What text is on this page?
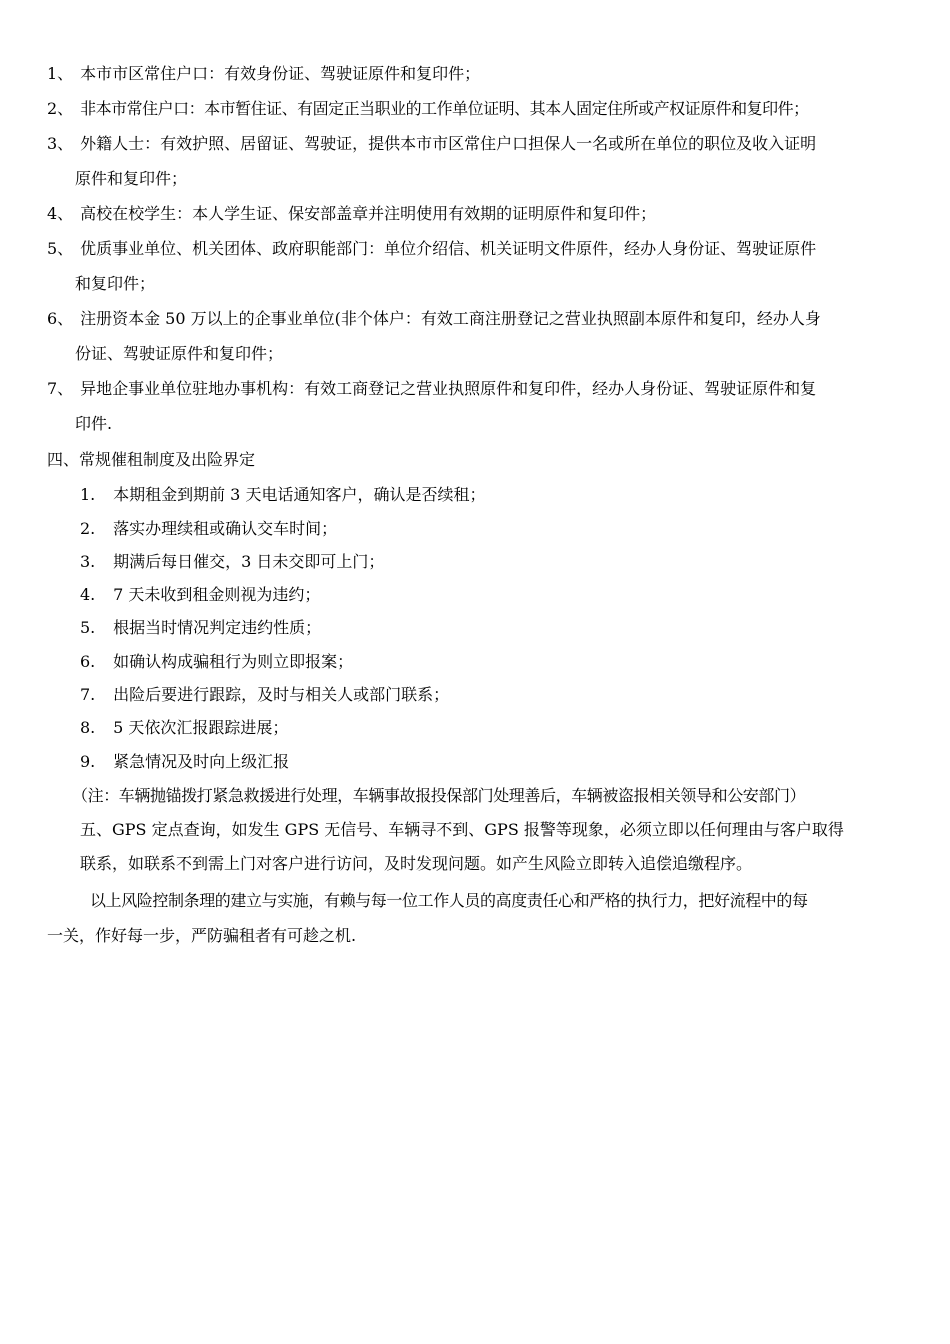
1、 本市市区常住户口：有效身份证、驾驶证原件和复印件；
2、 非本市常住户口：本市暂住证、有固定正当职业的工作单位证明、其本人固定住所或产权证原件和复印件；
3、 外籍人士：有效护照、居留证、驾驶证，提供本市市区常住户口担保人一名或所在单位的职位及收入证明
原件和复印件；
4、 高校在校学生：本人学生证、保安部盖章并注明使用有效期的证明原件和复印件；
5、 优质事业单位、机关团体、政府职能部门：单位介绍信、机关证明文件原件，经办人身份证、驾驶证原件
和复印件；
6、 注册资本金 50 万以上的企事业单位(非个体户：有效工商注册登记之营业执照副本原件和复印，经办人身
份证、驾驶证原件和复印件；
7、 异地企事业单位驻地办事机构：有效工商登记之营业执照原件和复印件，经办人身份证、驾驶证原件和复
印件.
四、常规催租制度及出险界定
1. 本期租金到期前 3 天电话通知客户，确认是否续租；
2. 落实办理续租或确认交车时间；
3. 期满后每日催交，3 日未交即可上门；
4. 7 天未收到租金则视为违约；
5. 根据当时情况判定违约性质；
6. 如确认构成骗租行为则立即报案；
7. 出险后要进行跟踪，及时与相关人或部门联系；
8. 5 天依次汇报跟踪进展；
9. 紧急情况及时向上级汇报
（注：车辆抛锚拨打紧急救援进行处理，车辆事故报投保部门处理善后，车辆被盗报相关领导和公安部门）
五、GPS 定点查询，如发生 GPS 无信号、车辆寻不到、GPS 报警等现象，必须立即以任何理由与客户取得
联系，如联系不到需上门对客户进行访问，及时发现问题。如产生风险立即转入追偿追缴程序。
以上风险控制条理的建立与实施，有赖与每一位工作人员的高度责任心和严格的执行力，把好流程中的每
一关，作好每一步，严防骗租者有可趁之机.
